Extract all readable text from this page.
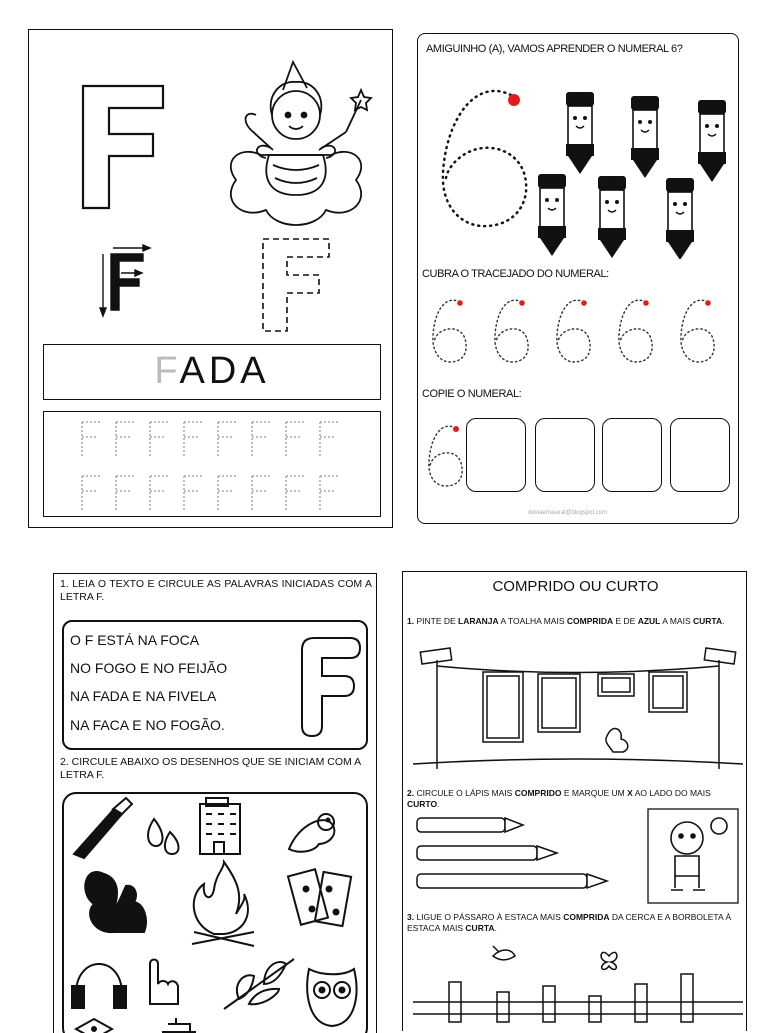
FADA
AMIGUINHO (A), VAMOS APRENDER O NUMERAL 6?
CUBRA O TRACEJADO DO NUMERAL:
COPIE O NUMERAL:
deviaensearal@blogspot.com
1. LEIA O TEXTO E CIRCULE AS PALAVRAS INICIADAS COM A LETRA F.
O F ESTÁ NA FOCA
NO FOGO E NO FEIJÃO
NA FADA E NA FIVELA
NA FACA E NO FOGÃO.
2. CIRCULE ABAIXO OS DESENHOS QUE SE INICIAM COM A LETRA F.
COMPRIDO OU CURTO
1. PINTE DE LARANJA A TOALHA MAIS COMPRIDA E DE AZUL A MAIS CURTA.
2. CIRCULE O LÁPIS MAIS COMPRIDO E MARQUE UM X AO LADO DO MAIS CURTO.
3. LIGUE O PÁSSARO À ESTACA MAIS COMPRIDA DA CERCA E A BORBOLETA À ESTACA MAIS CURTA.
